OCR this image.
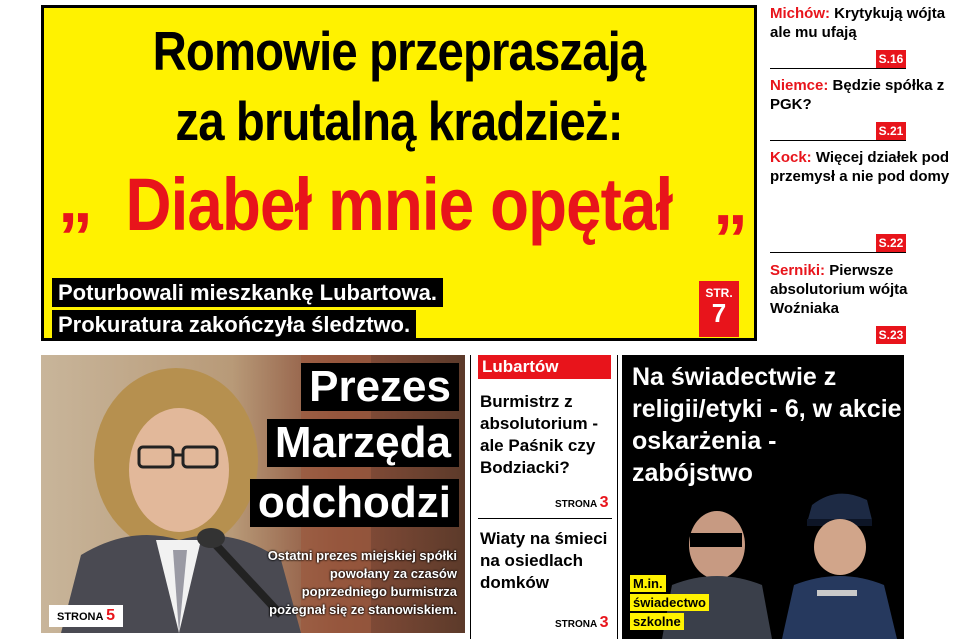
Romowie przepraszają
za brutalną kradzież:
„ Diabeł mnie opętał ”
Poturbowali mieszkankę Lubartowa.
Prokuratura zakończyła śledztwo.
STR.
7
Michów: Krytykują wójta ale mu ufają
S.16
Niemce: Będzie spółka z PGK?
S.21
Kock: Więcej działek pod przemysł a nie pod domy
S.22
Serniki: Pierwsze absolutorium wójta Woźniaka
S.23
Prezes
Marzęda
odchodzi
Ostatni prezes miejskiej spółki powołany za czasów poprzedniego burmistrza pożegnał się ze stanowiskiem.
STRONA 5
Lubartów
Burmistrz z absolutorium - ale Paśnik czy Bodziacki?
STRONA 3
Wiaty na śmieci na osiedlach domków
STRONA 3
Na świadectwie z religii/etyki - 6, w akcie oskarżenia - zabójstwo
M.in.
świadectwo
szkolne
